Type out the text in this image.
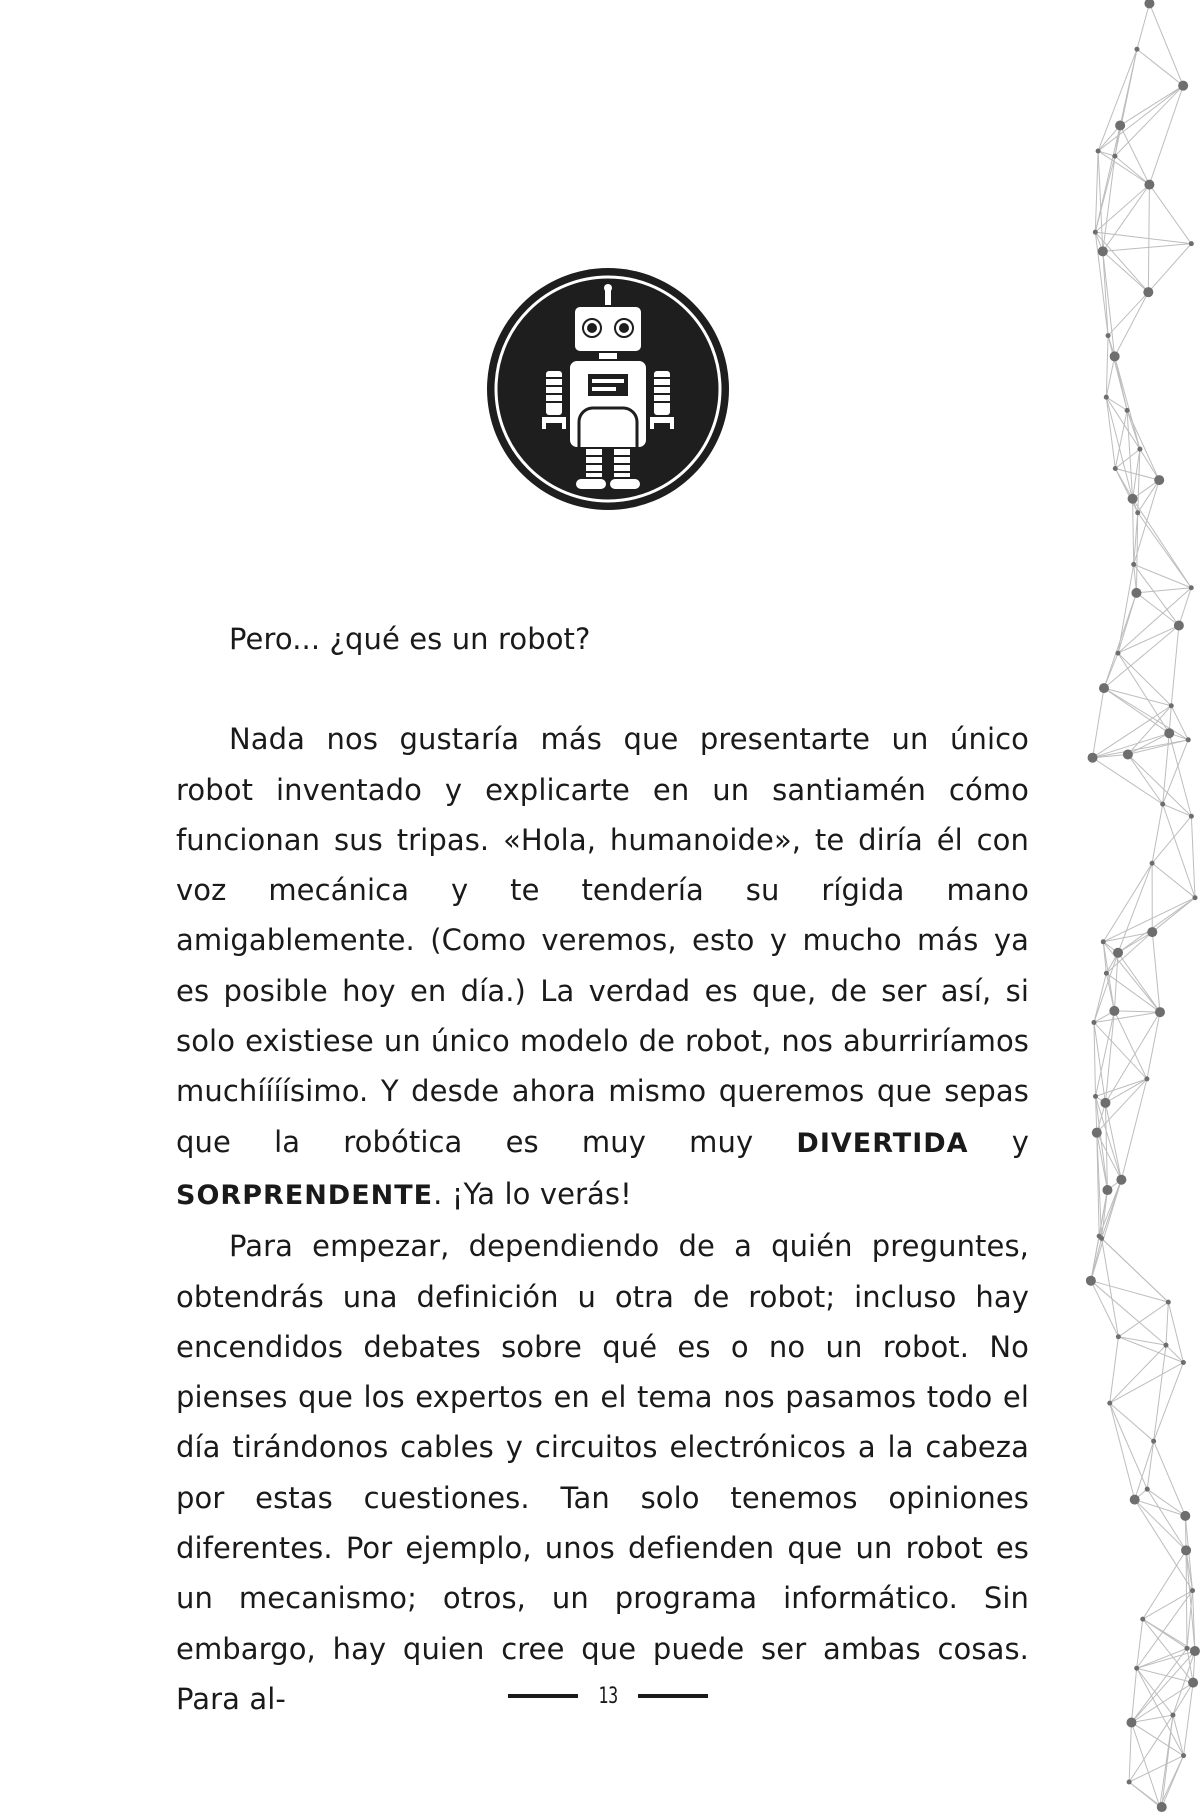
Pero... ¿qué es un robot?

Nada nos gustaría más que presentarte un único robot inventado y explicarte en un santiamén cómo funcionan sus tripas. «Hola, humanoide», te diría él con voz mecánica y te tendería su rígida mano amigablemente. (Como veremos, esto y mucho más ya es posible hoy en día.) La verdad es que, de ser así, si solo existiese un único modelo de robot, nos aburriríamos muchíííísimo. Y desde ahora mismo queremos que sepas que la robótica es muy muy DIVERTIDA y SORPRENDENTE. ¡Ya lo verás!

Para empezar, dependiendo de a quién preguntes, obtendrás una definición u otra de robot; incluso hay encendidos debates sobre qué es o no un robot. No pienses que los expertos en el tema nos pasamos todo el día tirándonos cables y circuitos electrónicos a la cabeza por estas cuestiones. Tan solo tenemos opiniones diferentes. Por ejemplo, unos defienden que un robot es un mecanismo; otros, un programa informático. Sin embargo, hay quien cree que puede ser ambas cosas. Para al-	13
